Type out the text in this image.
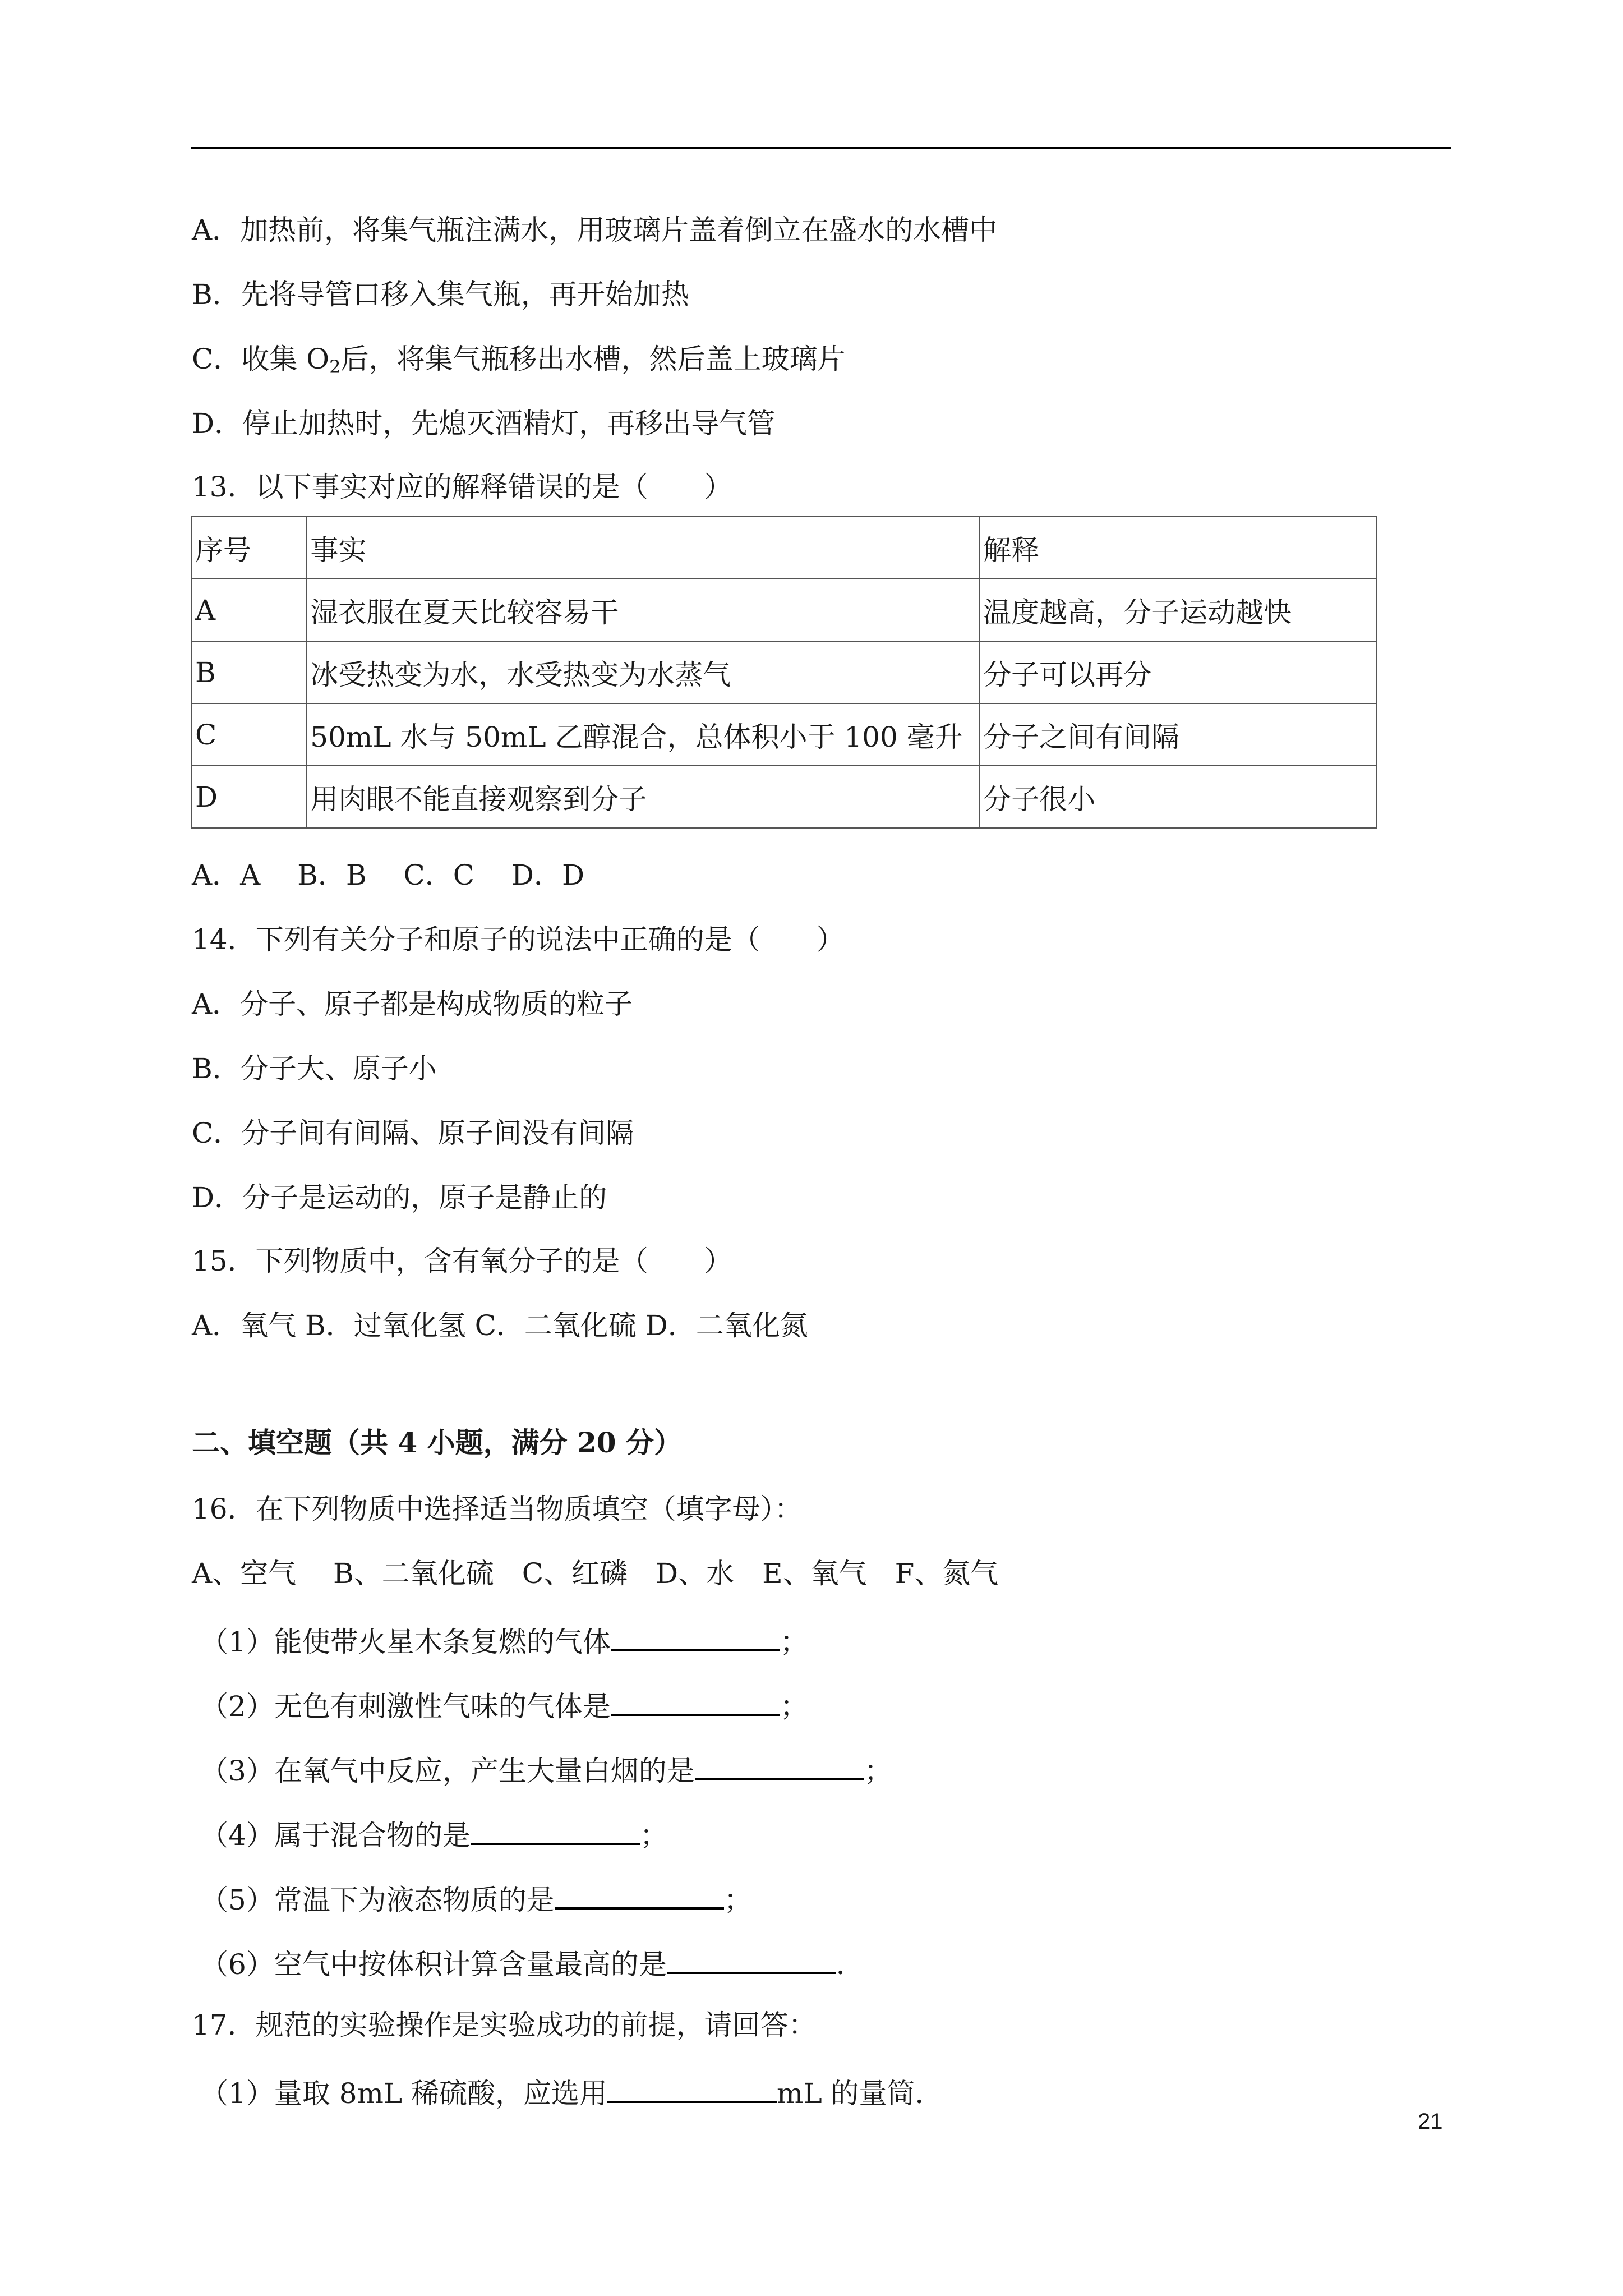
A．加热前，将集气瓶注满水，用玻璃片盖着倒立在盛水的水槽中
B．先将导管口移入集气瓶，再开始加热
C．收集 $O_2$后，将集气瓶移出水槽，然后盖上玻璃片
D．停止加热时，先熄灭酒精灯，再移出导气管
13．以下事实对应的解释错误的是（　　）
序号	事实	解释
A	湿衣服在夏天比较容易干	温度越高，分子运动越快
B	冰受热变为水，水受热变为水蒸气	分子可以再分
C	50mL 水与 50mL 乙醇混合，总体积小于 100 毫升	分子之间有间隔
D	用肉眼不能直接观察到分子	分子很小
A．A　 B．B　 C．C　 D．D
14．下列有关分子和原子的说法中正确的是（　　）
A．分子、原子都是构成物质的粒子
B．分子大、原子小
C．分子间有间隔、原子间没有间隔
D．分子是运动的，原子是静止的
15．下列物质中，含有氧分子的是（　　）
A．氧气 B．过氧化氢 C．二氧化硫 D．二氧化氮
二、填空题（共 4 小题，满分 20 分）
16．在下列物质中选择适当物质填空（填字母）：
A、空气　 B、二氧化硫　C、红磷　D、水　E、氧气　F、氮气
（1）能使带火星木条复燃的气体	；
（2）无色有刺激性气味的气体是	；
（3）在氧气中反应，产生大量白烟的是	；
（4）属于混合物的是	；
（5）常温下为液态物质的是	；
（6）空气中按体积计算含量最高的是	．
17．规范的实验操作是实验成功的前提，请回答：
（1）量取 8mL 稀硫酸，应选用	mL 的量筒．
21
